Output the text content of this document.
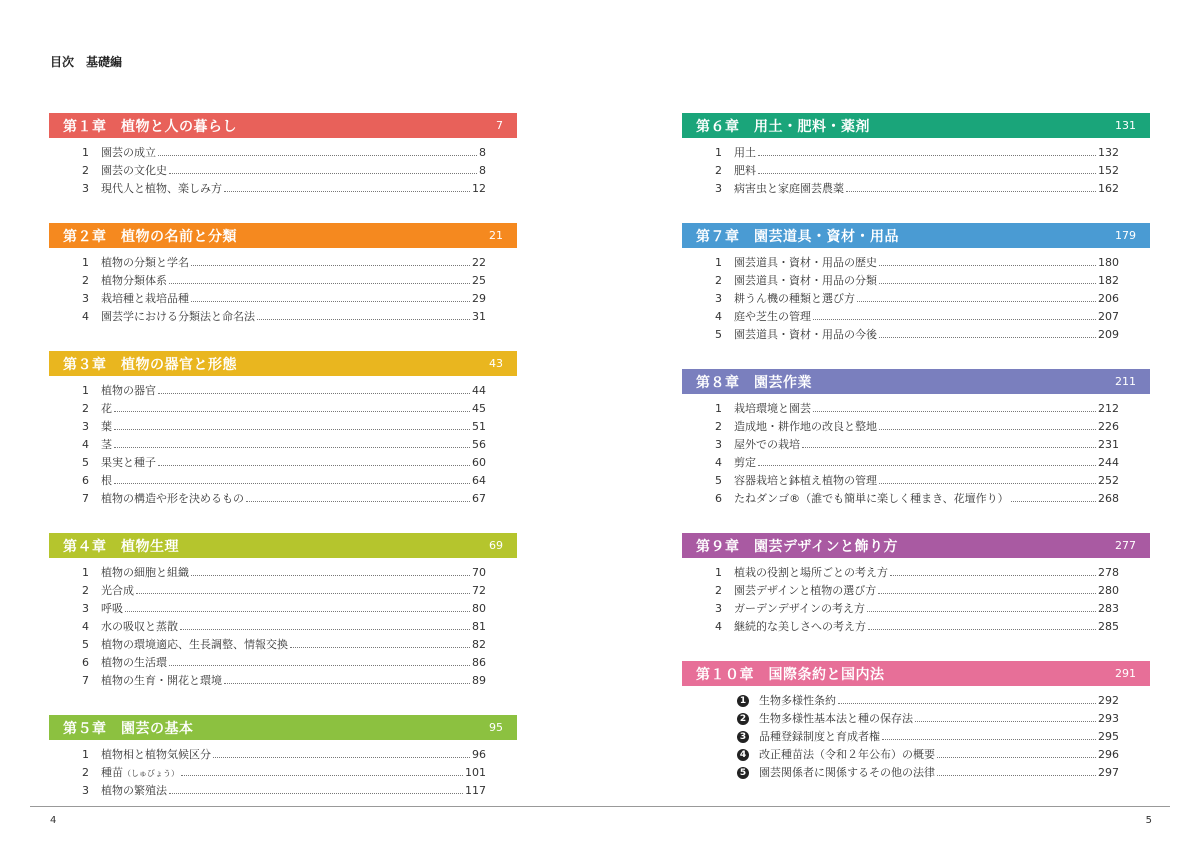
目次　基礎編
第１章　植物と人の暮らし	7
1	園芸の成立	8
2	園芸の文化史	8
3	現代人と植物、楽しみ方	12
第２章　植物の名前と分類	21
1	植物の分類と学名	22
2	植物分類体系	25
3	栽培種と栽培品種	29
4	園芸学における分類法と命名法	31
第３章　植物の器官と形態	43
1	植物の器官	44
2	花	45
3	葉	51
4	茎	56
5	果実と種子	60
6	根	64
7	植物の構造や形を決めるもの	67
第４章　植物生理	69
1	植物の細胞と組織	70
2	光合成	72
3	呼吸	80
4	水の吸収と蒸散	81
5	植物の環境適応、生長調整、情報交換	82
6	植物の生活環	86
7	植物の生育・開花と環境	89
第５章　園芸の基本	95
1	植物相と植物気候区分	96
2	種苗（しゅびょう）	101
3	植物の繁殖法	117
第６章　用土・肥料・薬剤	131
1	用土	132
2	肥料	152
3	病害虫と家庭園芸農薬	162
第７章　園芸道具・資材・用品	179
1	園芸道具・資材・用品の歴史	180
2	園芸道具・資材・用品の分類	182
3	耕うん機の種類と選び方	206
4	庭や芝生の管理	207
5	園芸道具・資材・用品の今後	209
第８章　園芸作業	211
1	栽培環境と園芸	212
2	造成地・耕作地の改良と整地	226
3	屋外での栽培	231
4	剪定	244
5	容器栽培と鉢植え植物の管理	252
6	たねダンゴ®（誰でも簡単に楽しく種まき、花壇作り）	268
第９章　園芸デザインと飾り方	277
1	植栽の役割と場所ごとの考え方	278
2	園芸デザインと植物の選び方	280
3	ガーデンデザインの考え方	283
4	継続的な美しさへの考え方	285
第１０章　国際条約と国内法	291
1	生物多様性条約	292
2	生物多様性基本法と種の保存法	293
3	品種登録制度と育成者権	295
4	改正種苗法（令和２年公布）の概要	296
5	園芸関係者に関係するその他の法律	297
4	5
